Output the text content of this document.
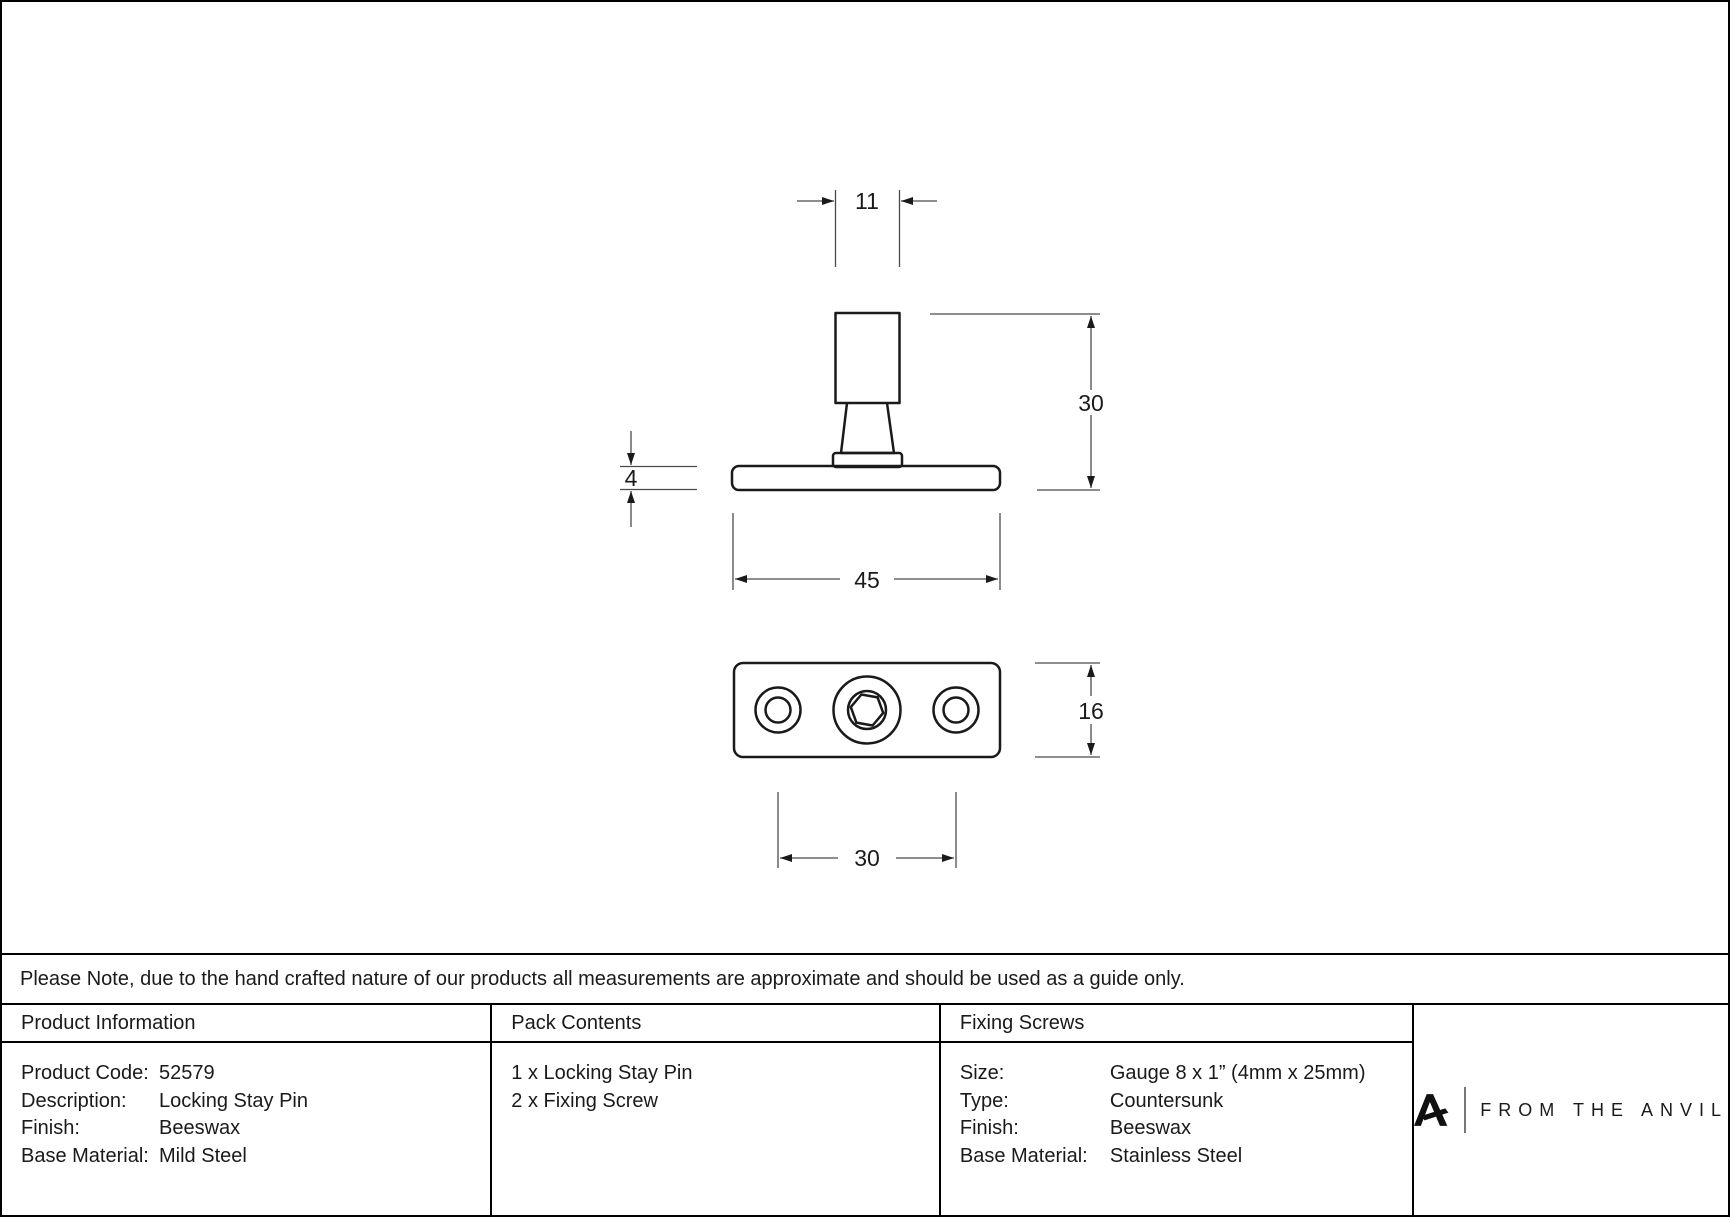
11
30
4
45
16
30
Please Note, due to the hand crafted nature of our products all measurements are approximate and should be used as a guide only.
Product Information
Product Code: 52579
Description:	Locking Stay Pin
Finish:	Beeswax
Base Material: Mild Steel
Pack Contents
1 x Locking Stay Pin
2 x Fixing Screw
Fixing Screws
Size:	Gauge 8 x 1” (4mm x 25mm)
Type:	Countersunk
Finish:	Beeswax
Base Material:	Stainless Steel
FROM THE ANVIL
